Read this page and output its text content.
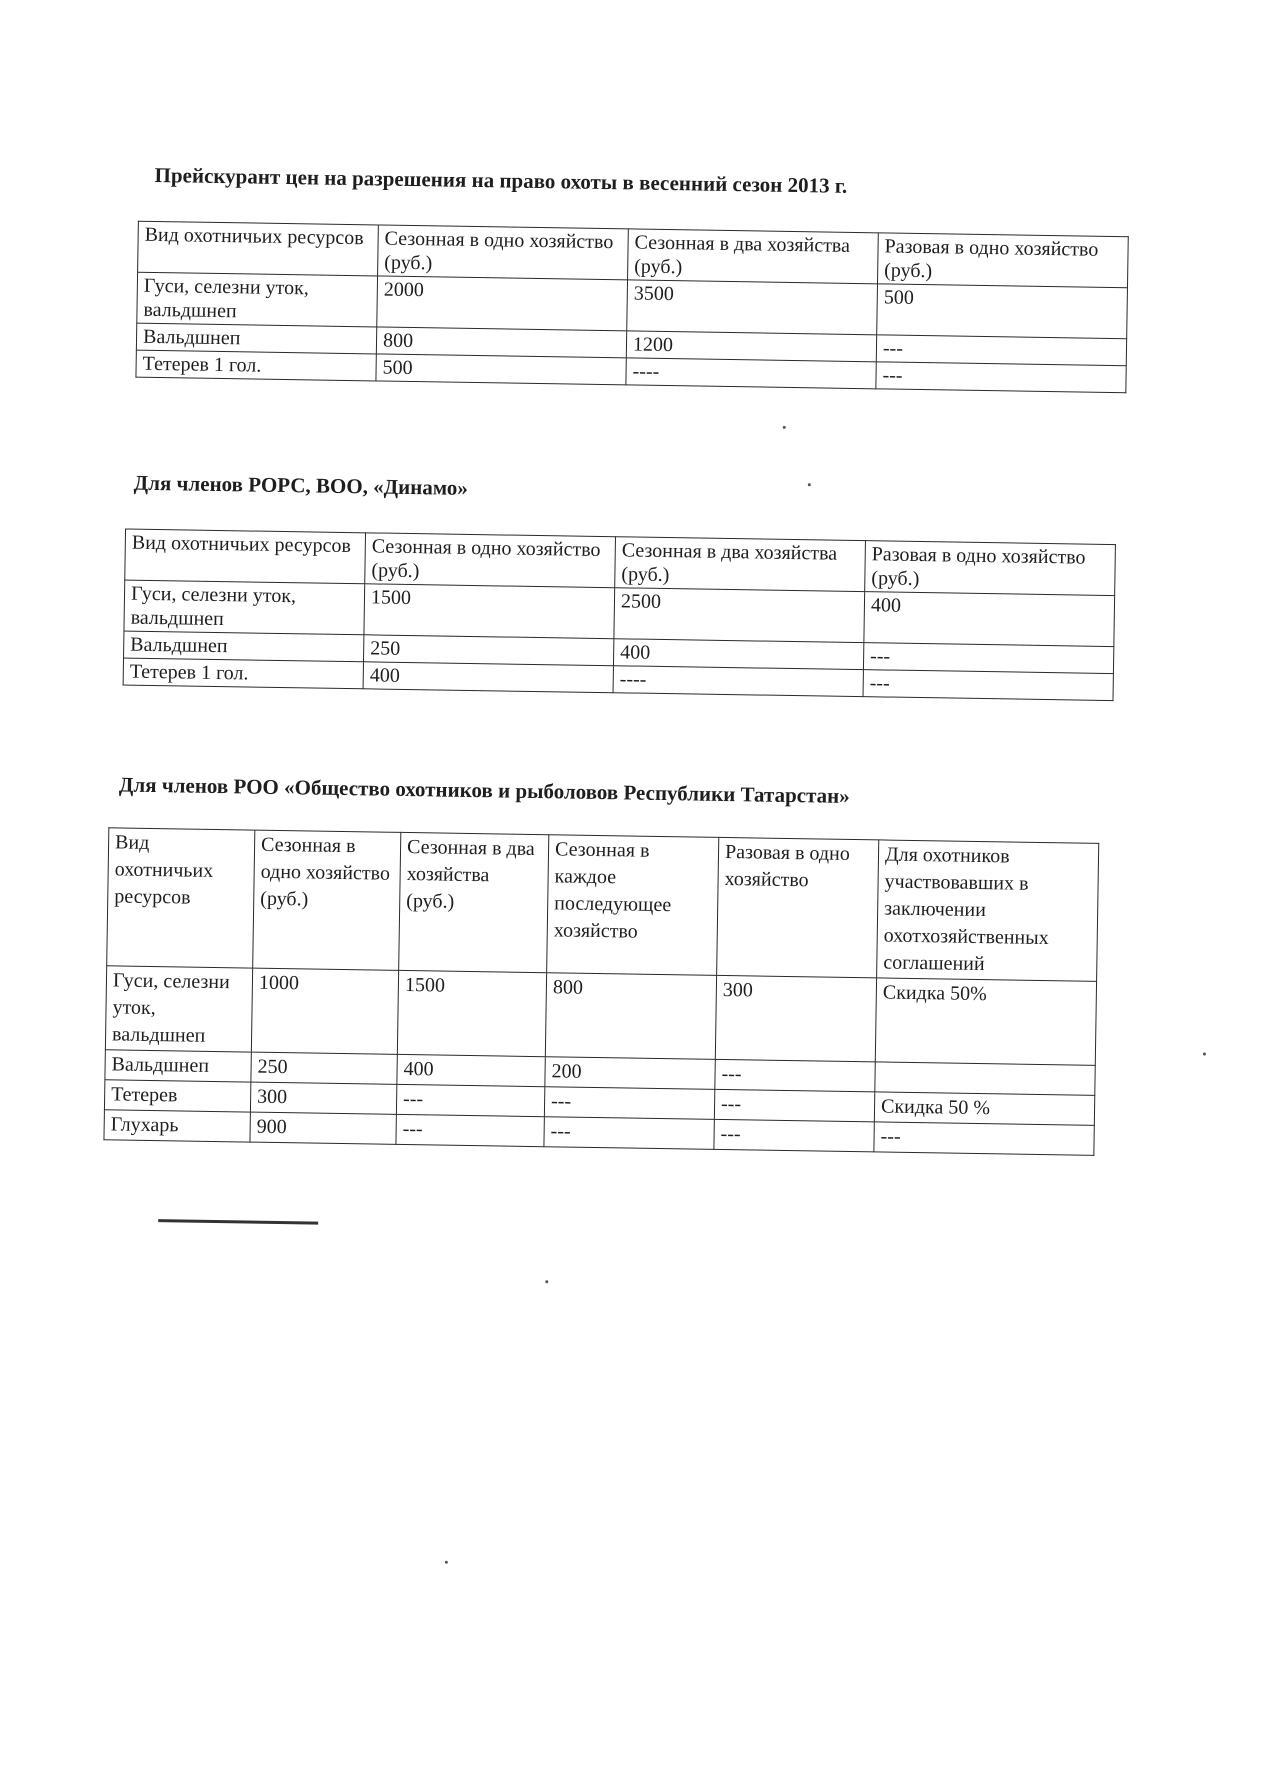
Прейскурант цен на разрешения на право охоты в весенний сезон 2013 г.
Вид охотничьих ресурсов	Сезонная в одно хозяйство (руб.)	Сезонная в два хозяйства (руб.)	Разовая в одно хозяйство (руб.)
Гуси, селезни уток, вальдшнеп	2000	3500	500
Вальдшнеп	800	1200	---
Тетерев 1 гол.	500	----	---
Для членов РОРС, ВОО, «Динамо»
Вид охотничьих ресурсов	Сезонная в одно хозяйство (руб.)	Сезонная в два хозяйства (руб.)	Разовая в одно хозяйство (руб.)
Гуси, селезни уток, вальдшнеп	1500	2500	400
Вальдшнеп	250	400	---
Тетерев 1 гол.	400	----	---
Для членов РОО «Общество охотников и рыболовов Республики Татарстан»
Вид охотничьих ресурсов	Сезонная в одно хозяйство (руб.)	Сезонная в два хозяйства (руб.)	Сезонная в каждое последующее хозяйство	Разовая в одно хозяйство	Для охотников участвовавших в заключении охотхозяйственных соглашений
Гуси, селезни уток, вальдшнеп	1000	1500	800	300	Скидка 50%
Вальдшнеп	250	400	200	---	
Тетерев	300	---	---	---	Скидка 50 %
Глухарь	900	---	---	---	---
